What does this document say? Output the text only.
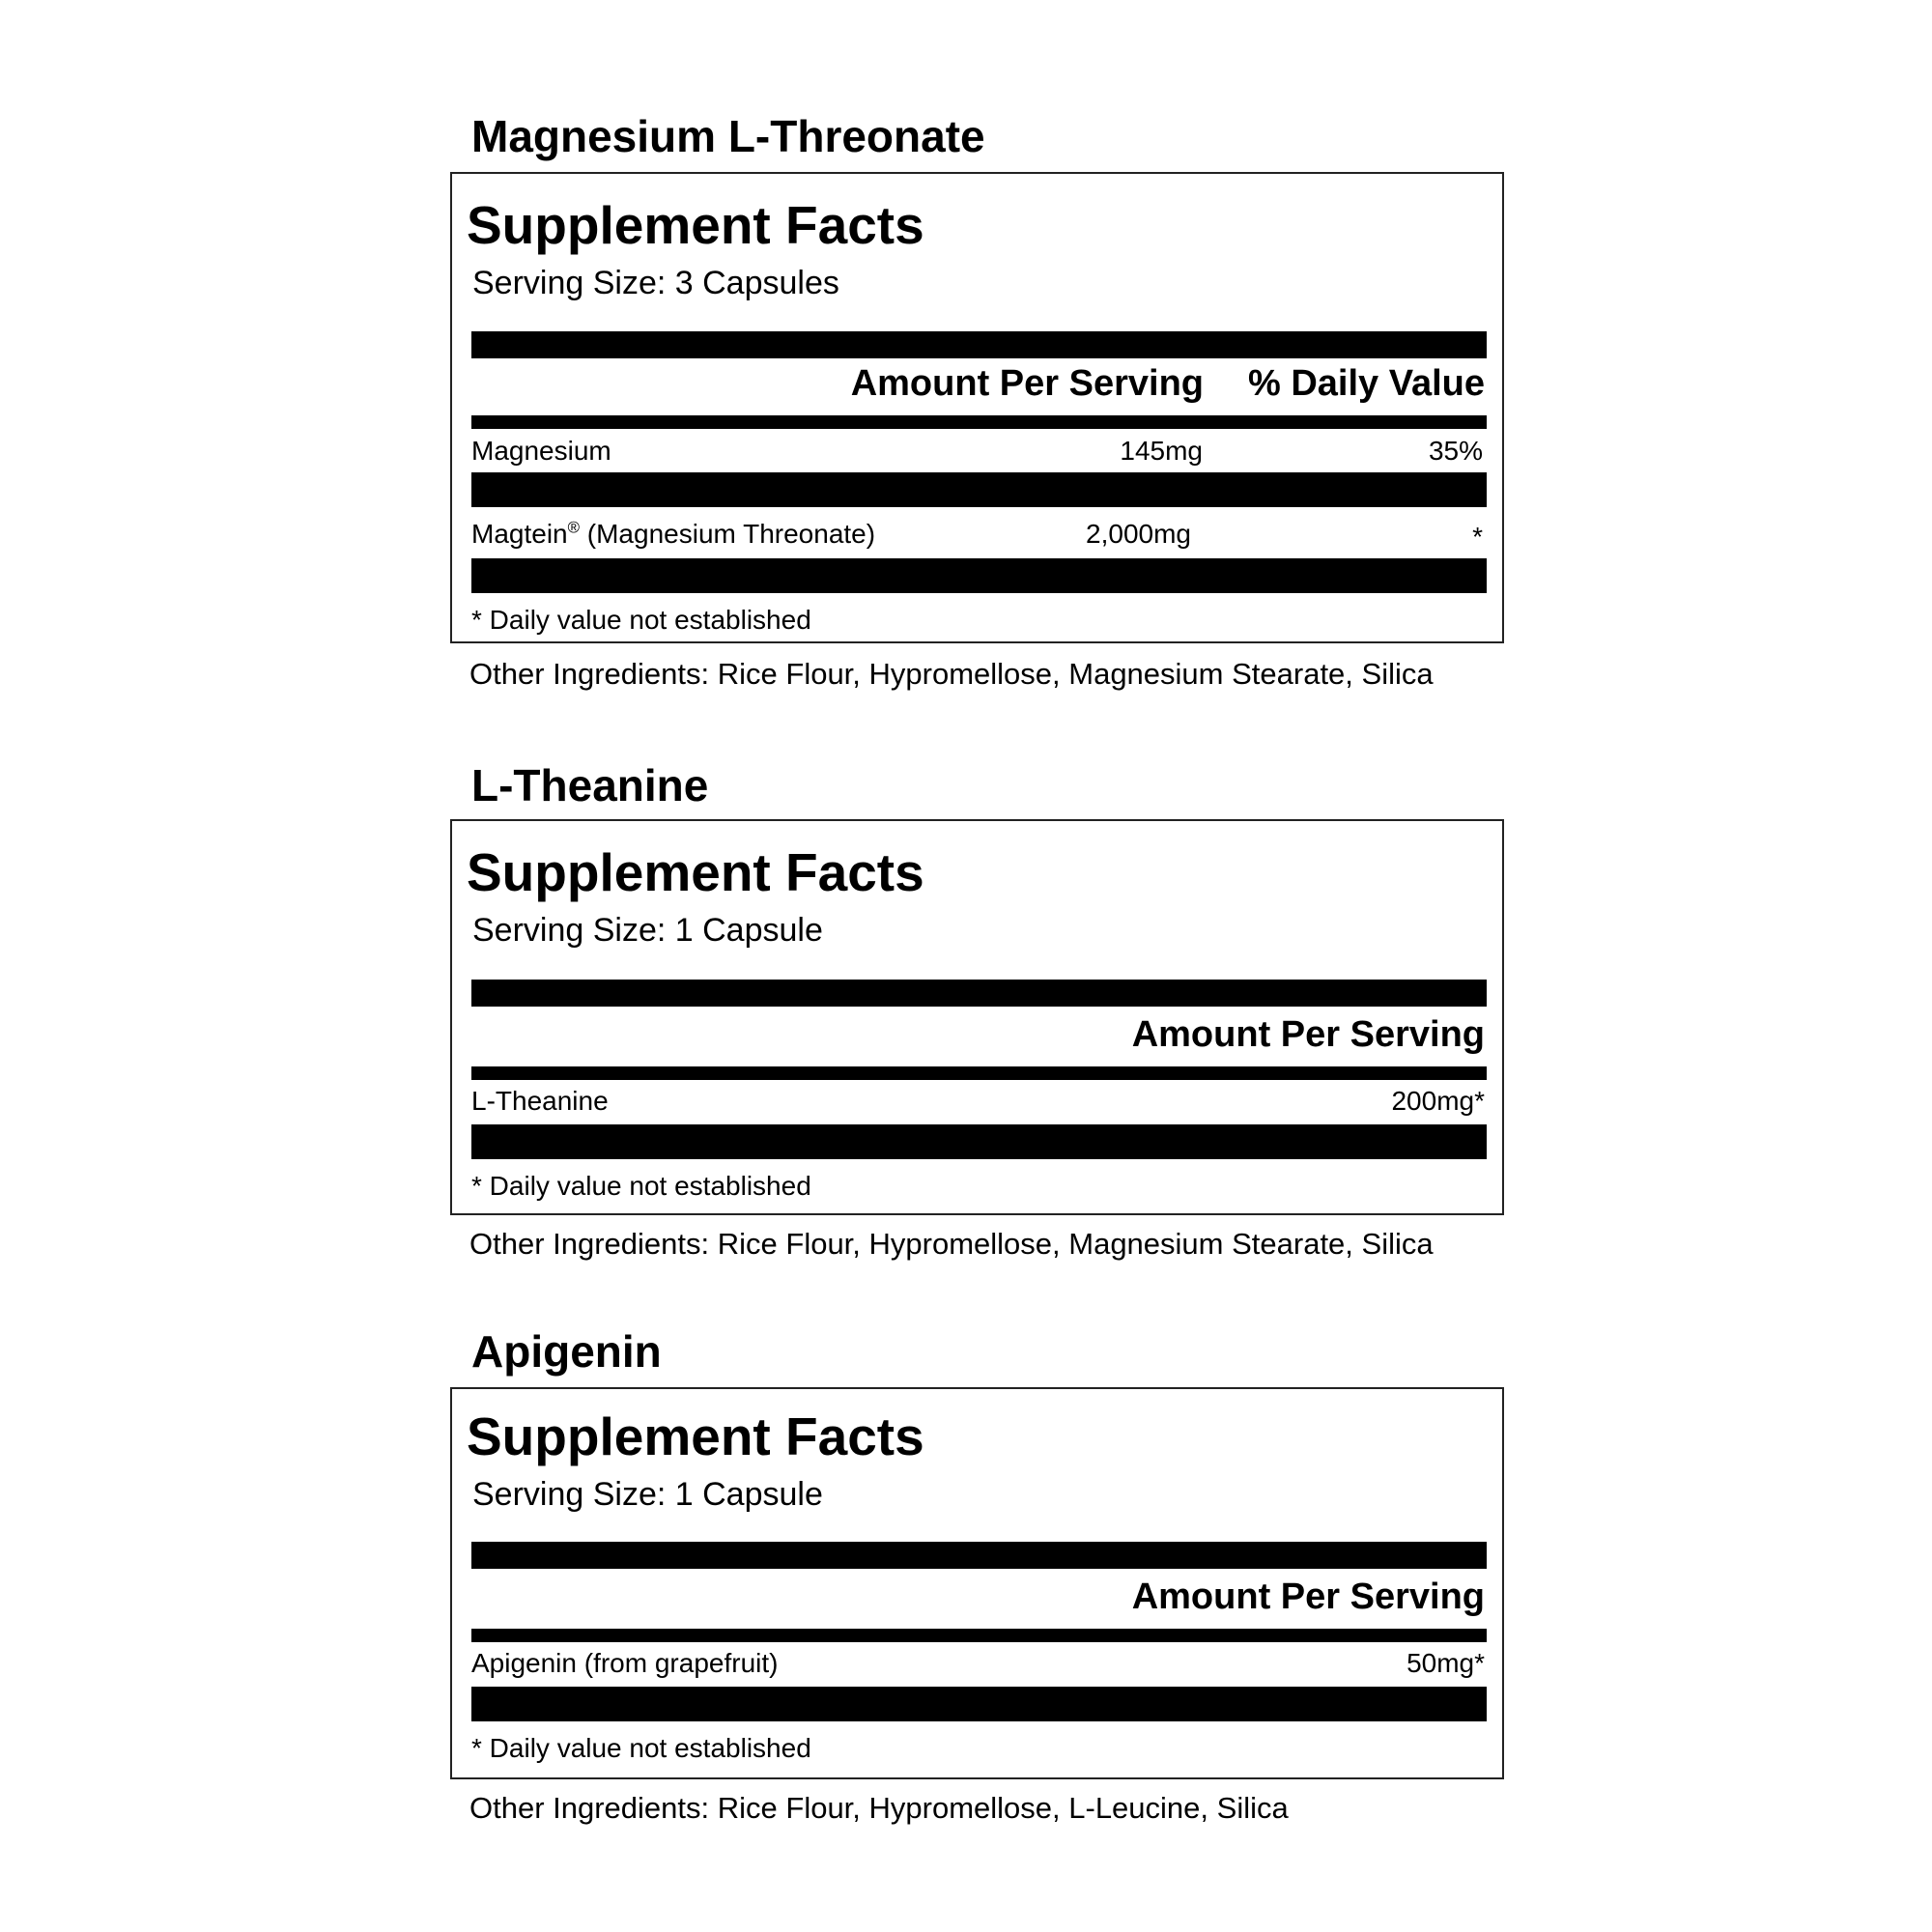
Magnesium L-Threonate
Supplement Facts
Serving Size: 3 Capsules
Amount Per Serving % Daily Value
Magnesium	145mg	35%
Magtein® (Magnesium Threonate)	2,000mg	*
* Daily value not established
Other Ingredients: Rice Flour, Hypromellose, Magnesium Stearate, Silica
L-Theanine
Supplement Facts
Serving Size: 1 Capsule
Amount Per Serving
L-Theanine	200mg*
* Daily value not established
Other Ingredients: Rice Flour, Hypromellose, Magnesium Stearate, Silica
Apigenin
Supplement Facts
Serving Size: 1 Capsule
Amount Per Serving
Apigenin (from grapefruit)	50mg*
* Daily value not established
Other Ingredients: Rice Flour, Hypromellose, L-Leucine, Silica
